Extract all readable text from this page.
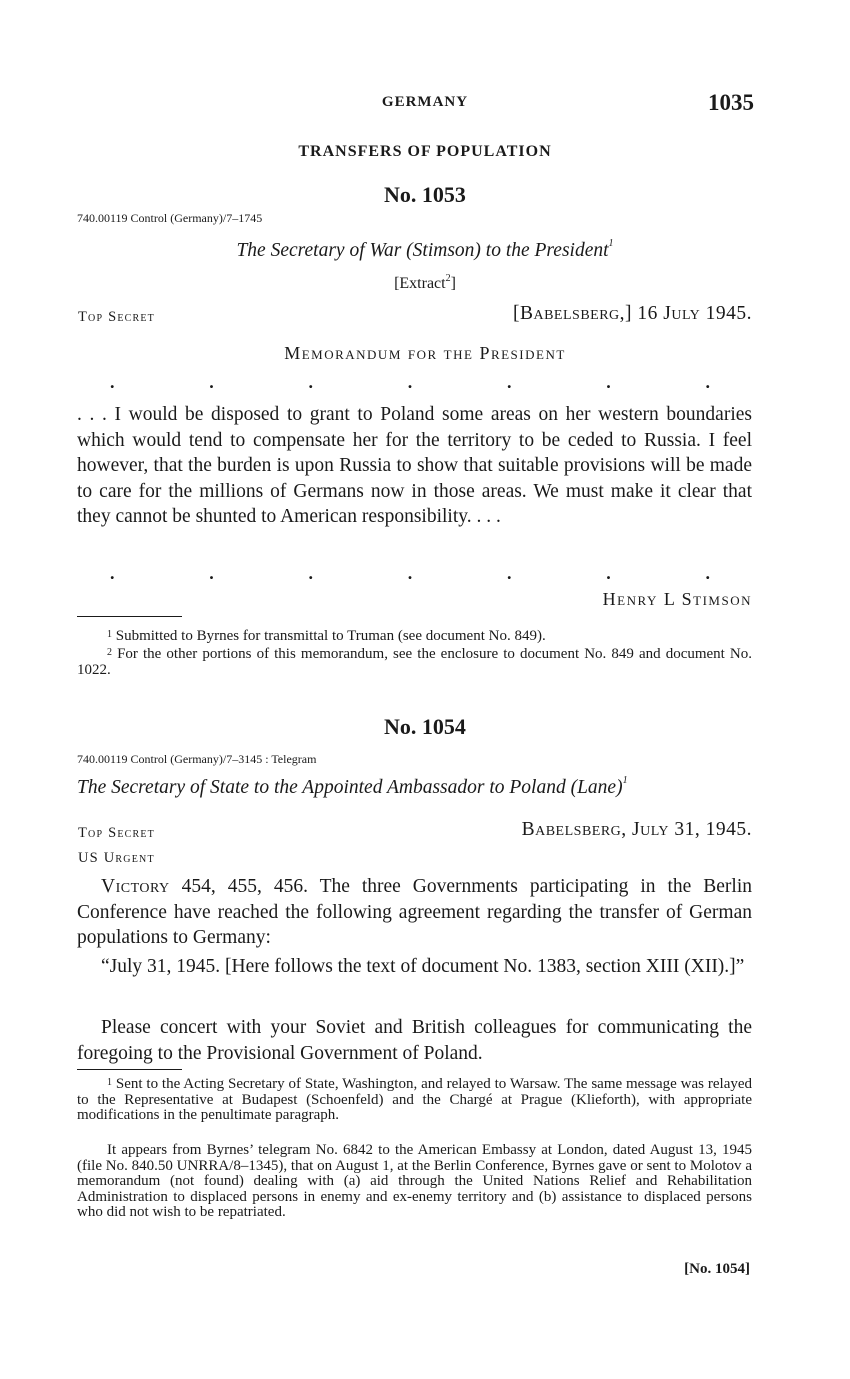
GERMANY	1035
TRANSFERS OF POPULATION
No. 1053
740.00119 Control (Germany)/7–1745
The Secretary of War (Stimson) to the President$^1$
[Extract$^2$]
Top Secret	[Babelsberg,] 16 July 1945.
Memorandum for the President
.	.	.	.	.	.	.
. . . I would be disposed to grant to Poland some areas on her western boundaries which would tend to compensate her for the territory to be ceded to Russia. I feel however, that the burden is upon Russia to show that suitable provisions will be made to care for the millions of Germans now in those areas. We must make it clear that they cannot be shunted to American responsibility. . . .
.	.	.	.	.	.	.
Henry L Stimson
$^1$ Submitted to Byrnes for transmittal to Truman (see document No. 849).
$^2$ For the other portions of this memorandum, see the enclosure to document No. 849 and document No. 1022.
No. 1054
740.00119 Control (Germany)/7–3145 : Telegram
The Secretary of State to the Appointed Ambassador to Poland (Lane)$^1$
Top Secret	Babelsberg, July 31, 1945.
US Urgent
Victory 454, 455, 456. The three Governments participating in the Berlin Conference have reached the following agreement regarding the transfer of German populations to Germany:
“July 31, 1945. [Here follows the text of document No. 1383, section XIII (XII).]”
Please concert with your Soviet and British colleagues for communicating the foregoing to the Provisional Government of Poland.
$^1$ Sent to the Acting Secretary of State, Washington, and relayed to Warsaw. The same message was relayed to the Representative at Budapest (Schoenfeld) and the Chargé at Prague (Klieforth), with appropriate modifications in the penultimate paragraph.
It appears from Byrnes’ telegram No. 6842 to the American Embassy at London, dated August 13, 1945 (file No. 840.50 UNRRA/8–1345), that on August 1, at the Berlin Conference, Byrnes gave or sent to Molotov a memorandum (not found) dealing with (a) aid through the United Nations Relief and Rehabilitation Administration to displaced persons in enemy and ex-enemy territory and (b) assistance to displaced persons who did not wish to be repatriated.
[No. 1054]
